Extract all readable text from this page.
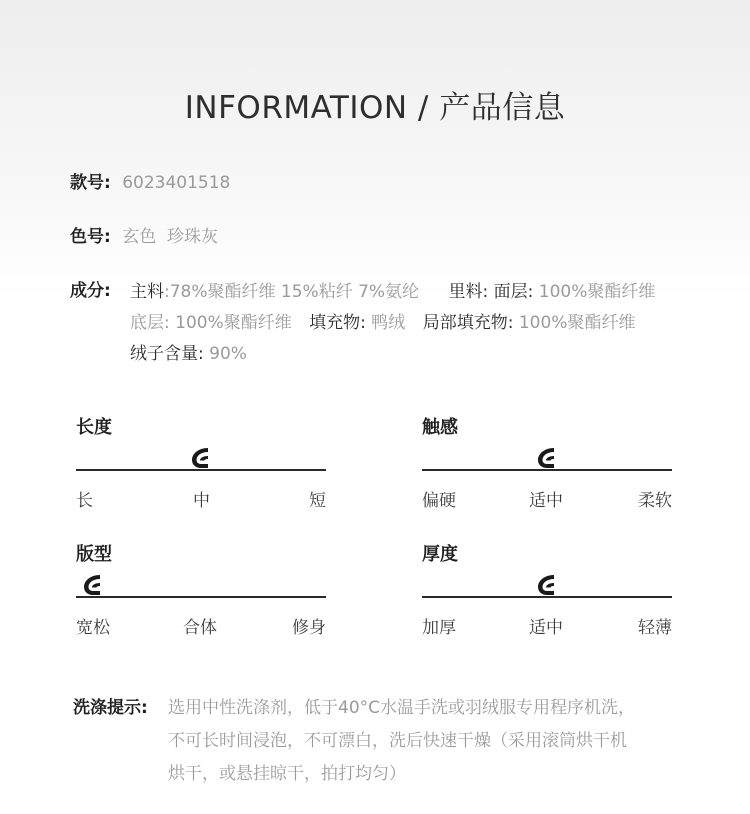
INFORMATION / 产品信息
款号: 6023401518
色号: 玄色  珍珠灰
成分: 主料:78%聚酯纤维 15%粘纤 7%氨纶 里料: 面层: 100%聚酯纤维
底层: 100%聚酯纤维 填充物: 鸭绒 局部填充物: 100%聚酯纤维
绒子含量: 90%
长度
长	中	短
触感
偏硬	适中	柔软
版型
宽松	合体	修身
厚度
加厚	适中	轻薄
洗涤提示: 选用中性洗涤剂，低于40°C水温手洗或羽绒服专用程序机洗，
不可长时间浸泡，不可漂白，洗后快速干燥（采用滚筒烘干机
烘干，或悬挂晾干，拍打均匀）
